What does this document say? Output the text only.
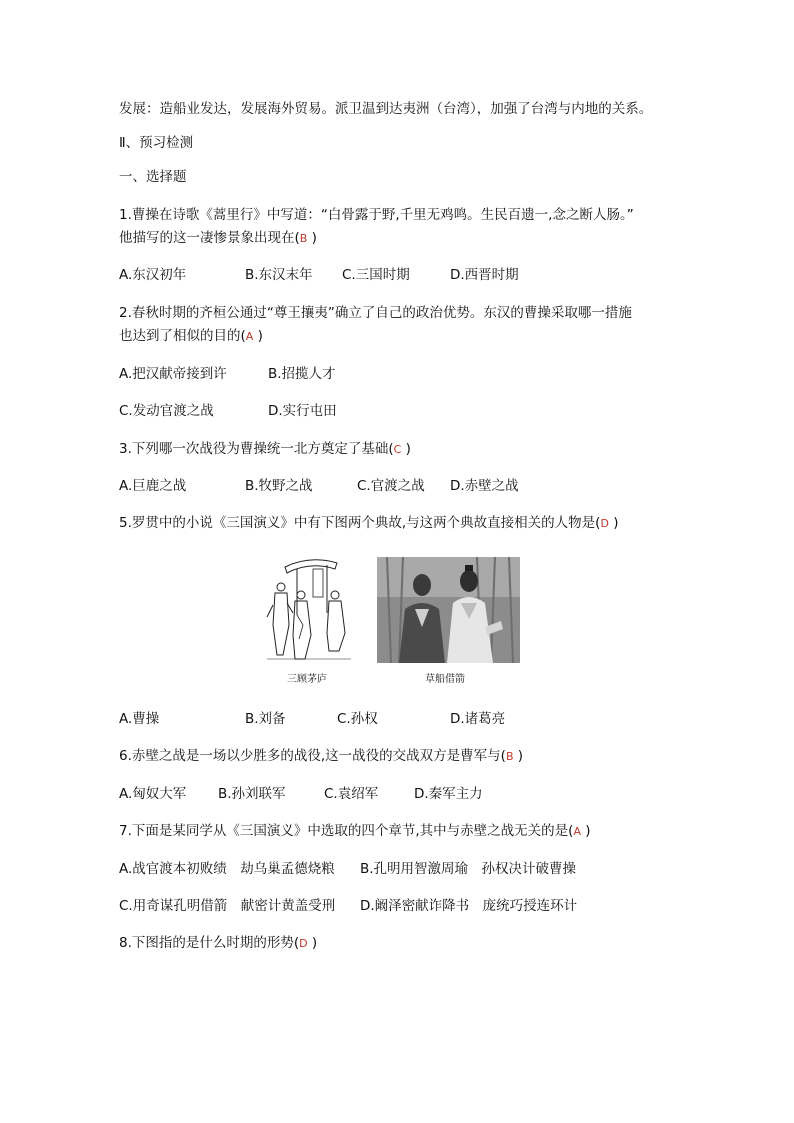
发展：造船业发达，发展海外贸易。派卫温到达夷洲（台湾），加强了台湾与内地的关系。
Ⅱ、预习检测
一、选择题
1.曹操在诗歌《蒿里行》中写道：“白骨露于野,千里无鸡鸣。生民百遗一,念之断人肠。”
他描写的这一凄惨景象出现在(B )
A.东汉初年	B.东汉末年 C.三国时期	D.西晋时期
2.春秋时期的齐桓公通过“尊王攘夷”确立了自己的政治优势。东汉的曹操采取哪一措施
也达到了相似的目的(A )
A.把汉献帝接到许	B.招揽人才
C.发动官渡之战	D.实行屯田
3.下列哪一次战役为曹操统一北方奠定了基础(C )
A.巨鹿之战	B.牧野之战	C.官渡之战 D.赤壁之战
5.罗贯中的小说《三国演义》中有下图两个典故,与这两个典故直接相关的人物是(D )
三顾茅庐	草船借箭
A.曹操	B.刘备	C.孙权	D.诸葛亮
6.赤壁之战是一场以少胜多的战役,这一战役的交战双方是曹军与(B )
A.匈奴大军 B.孙刘联军	C.袁绍军	D.秦军主力
7.下面是某同学从《三国演义》中选取的四个章节,其中与赤壁之战无关的是(A )
A.战官渡本初败绩　劫乌巢孟德烧粮 B.孔明用智激周瑜　孙权决计破曹操
C.用奇谋孔明借箭　献密计黄盖受刑 D.阚泽密献诈降书　庞统巧授连环计
8.下图指的是什么时期的形势(D )
